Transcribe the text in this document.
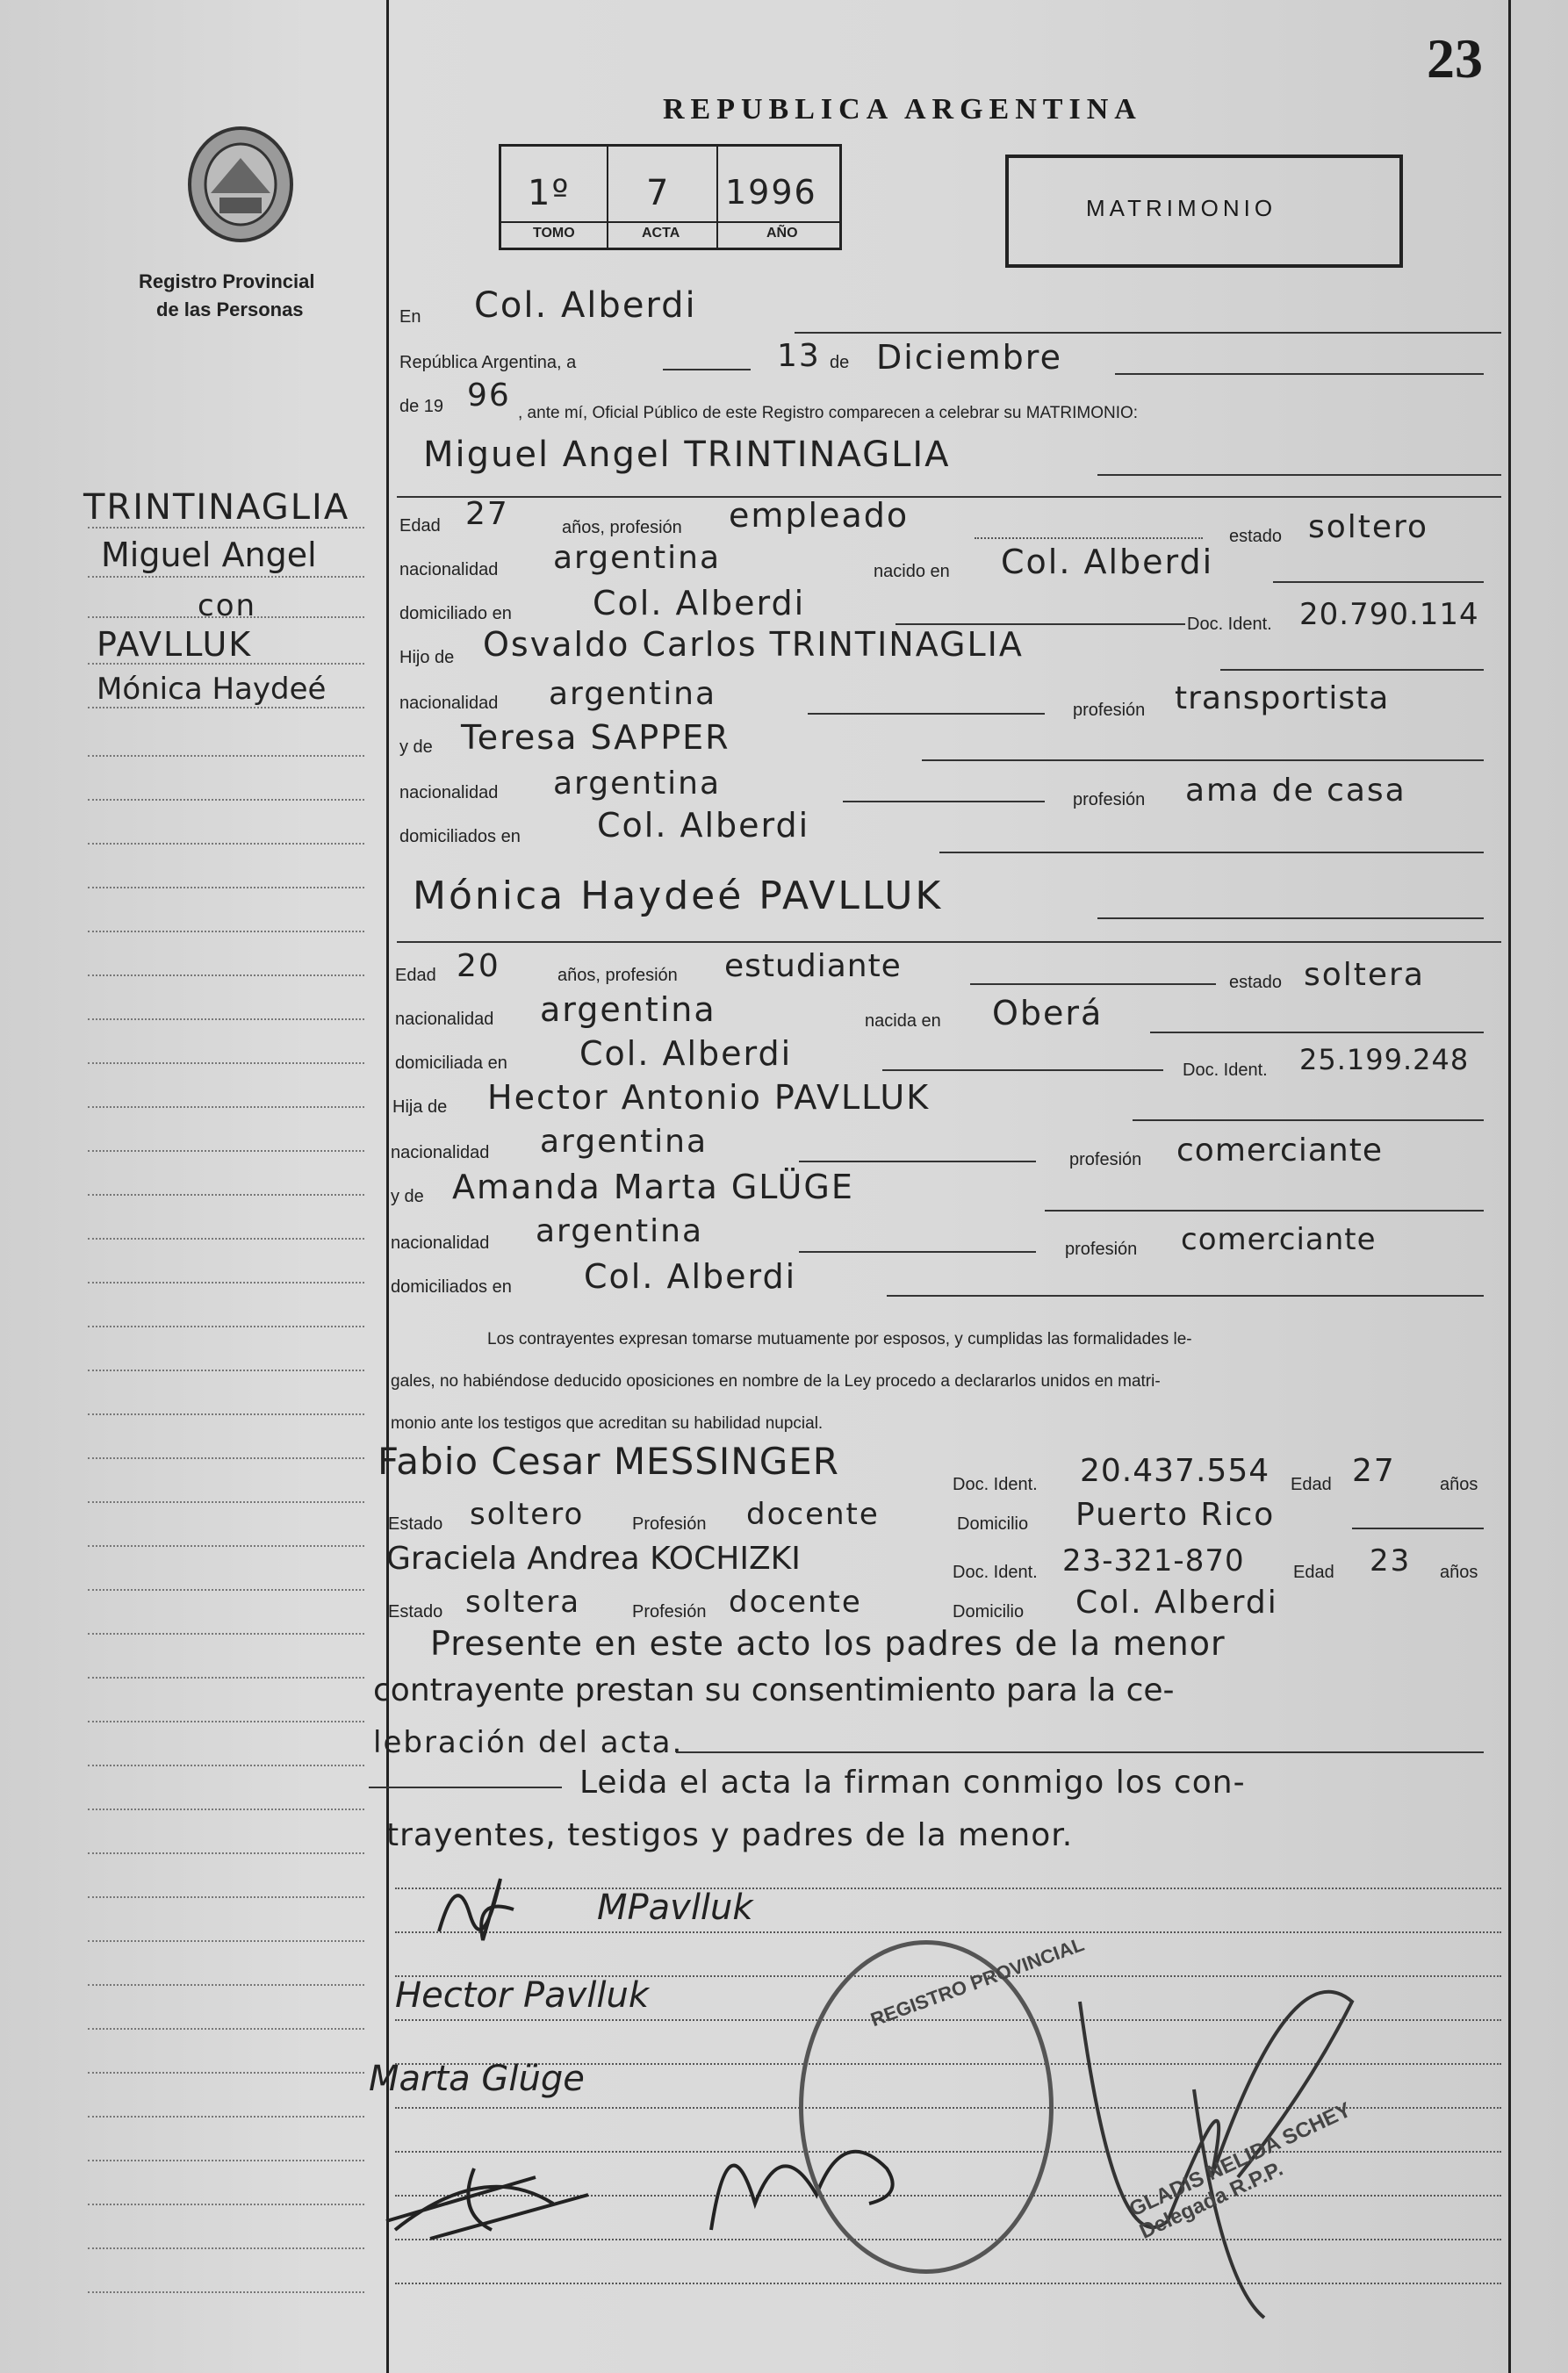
23
Registro Provincial
de las Personas
REPUBLICA ARGENTINA
1º 7 1996
TOMO	ACTA	AÑO
MATRIMONIO
TRINTINAGLIA
Miguel Angel
con
PAVLLUK
Mónica Haydeé
En Col. Alberdi
República Argentina, a	13 de Diciembre
de 19 96 , ante mí, Oficial Público de este Registro comparecen a celebrar su MATRIMONIO:
Miguel Angel TRINTINAGLIA
Edad 27	años, profesión empleado
estado soltero
nacionalidad argentina	nacido en Col. Alberdi
domiciliado en Col. Alberdi
Doc. Ident. 20.790.114
Hijo de Osvaldo Carlos TRINTINAGLIA
nacionalidad argentina	profesión transportista
y de Teresa SAPPER
nacionalidad argentina	profesión ama de casa
domiciliados en Col. Alberdi
Mónica Haydeé PAVLLUK
Edad 20	años, profesión estudiante	estado soltera
nacionalidad argentina	nacida en Oberá
domiciliada en Col. Alberdi	Doc. Ident. 25.199.248
Hija de Hector Antonio PAVLLUK
nacionalidad argentina	profesión comerciante
y de Amanda Marta GLÜGE
nacionalidad argentina	profesión comerciante
domiciliados en Col. Alberdi
Los contrayentes expresan tomarse mutuamente por esposos, y cumplidas las formalidades le-
gales, no habiéndose deducido oposiciones en nombre de la Ley procedo a declararlos unidos en matri-
monio ante los testigos que acreditan su habilidad nupcial.
Fabio Cesar MESSINGER
Doc. Ident. 20.437.554 Edad 27	años
Estado soltero	Profesión docente	Domicilio Puerto Rico
Graciela Andrea KOCHIZKI	Doc. Ident. 23-321-870	Edad 23 años
Estado soltera	Profesión docente	Domicilio Col. Alberdi
Presente en este acto los padres de la menor
contrayente prestan su consentimiento para la ce-
lebración del acta.
Leida el acta la firman conmigo los con-
trayentes, testigos y padres de la menor.
MPavlluk
Hector Pavlluk
Marta Glüge
REGISTRO PROVINCIAL
GLADIS NELIDA SCHEY Delegada R.P.P.
